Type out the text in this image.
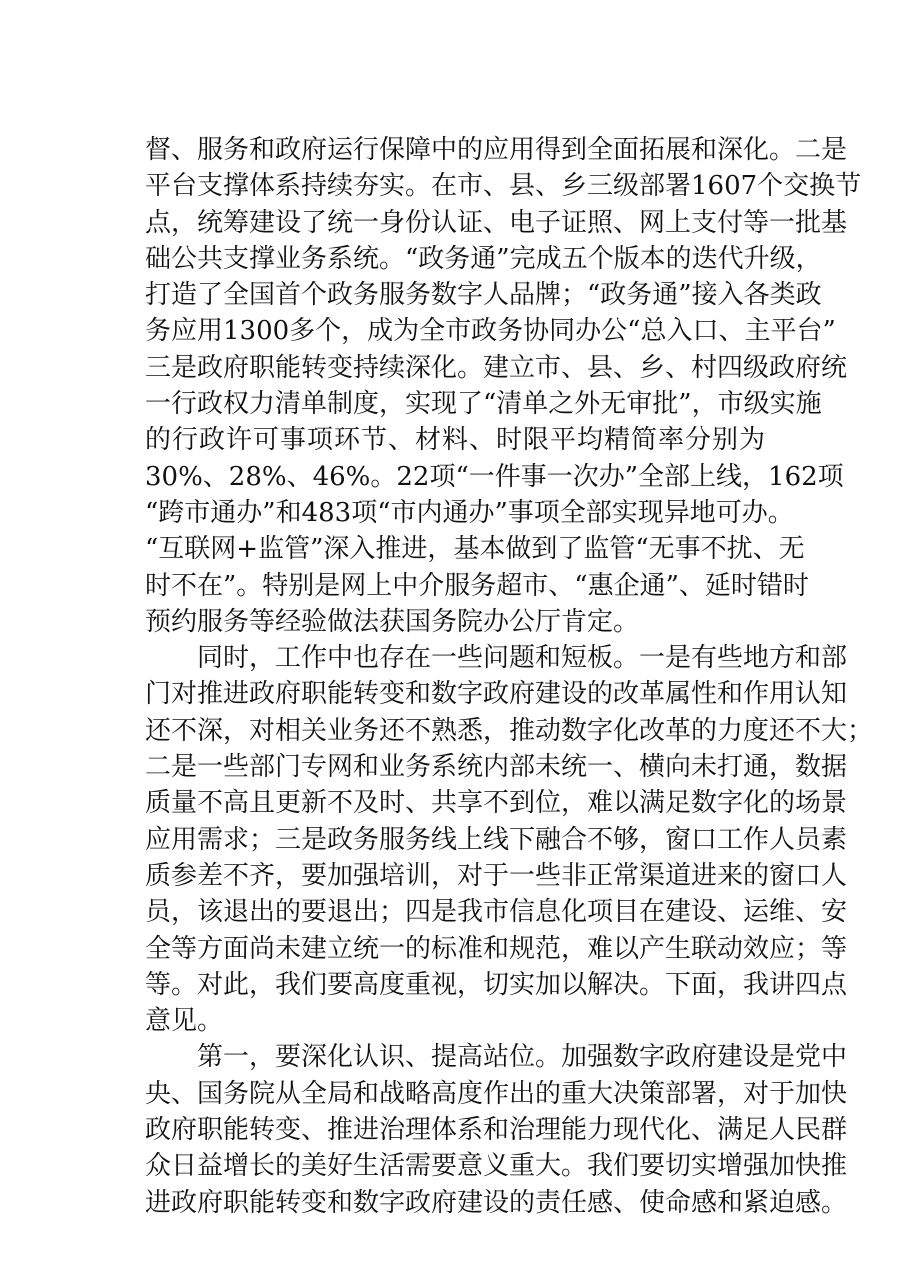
督、服务和政府运行保障中的应用得到全面拓展和深化。二是
平台支撑体系持续夯实。在市、县、乡三级部署1607个交换节
点，统筹建设了统一身份认证、电子证照、网上支付等一批基
础公共支撑业务系统。“政务通”完成五个版本的迭代升级，
打造了全国首个政务服务数字人品牌；“政务通”接入各类政
务应用1300多个，成为全市政务协同办公“总入口、主平台”
三是政府职能转变持续深化。建立市、县、乡、村四级政府统
一行政权力清单制度，实现了“清单之外无审批”，市级实施
的行政许可事项环节、材料、时限平均精简率分别为
30%、28%、46%。22项“一件事一次办”全部上线，162项
“跨市通办”和483项“市内通办”事项全部实现异地可办。
“互联网+监管”深入推进，基本做到了监管“无事不扰、无
时不在”。特别是网上中介服务超市、“惠企通”、延时错时
预约服务等经验做法获国务院办公厅肯定。
同时，工作中也存在一些问题和短板。一是有些地方和部
门对推进政府职能转变和数字政府建设的改革属性和作用认知
还不深，对相关业务还不熟悉，推动数字化改革的力度还不大；
二是一些部门专网和业务系统内部未统一、横向未打通，数据
质量不高且更新不及时、共享不到位，难以满足数字化的场景
应用需求；三是政务服务线上线下融合不够，窗口工作人员素
质参差不齐，要加强培训，对于一些非正常渠道进来的窗口人
员，该退出的要退出；四是我市信息化项目在建设、运维、安
全等方面尚未建立统一的标准和规范，难以产生联动效应；等
等。对此，我们要高度重视，切实加以解决。下面，我讲四点
意见。
第一，要深化认识、提高站位。加强数字政府建设是党中
央、国务院从全局和战略高度作出的重大决策部署，对于加快
政府职能转变、推进治理体系和治理能力现代化、满足人民群
众日益增长的美好生活需要意义重大。我们要切实增强加快推
进政府职能转变和数字政府建设的责任感、使命感和紧迫感。
